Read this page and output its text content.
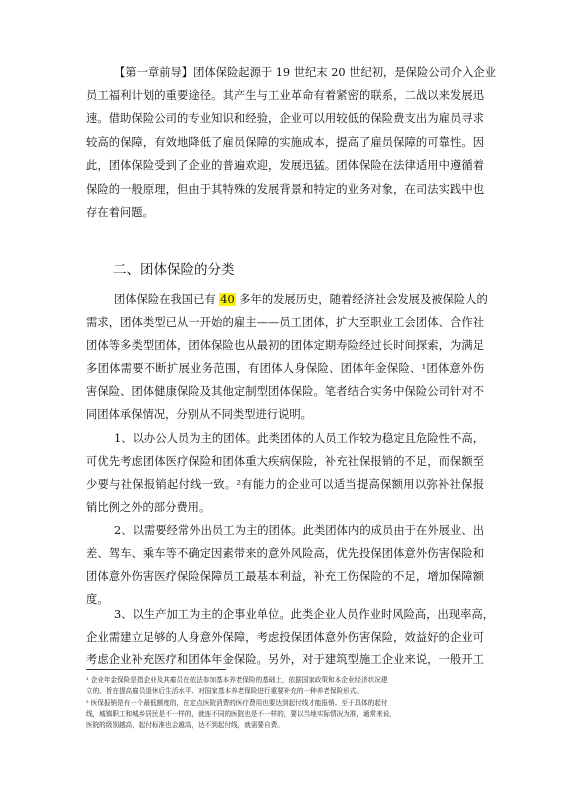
【第一章前导】团体保险起源于 19 世纪末 20 世纪初，是保险公司介入企业
员工福利计划的重要途径。其产生与工业革命有着紧密的联系，二战以来发展迅
速。借助保险公司的专业知识和经验，企业可以用较低的保险费支出为雇员寻求
较高的保障，有效地降低了雇员保障的实施成本，提高了雇员保障的可靠性。因
此，团体保险受到了企业的普遍欢迎，发展迅猛。团体保险在法律适用中遵循着
保险的一般原理，但由于其特殊的发展背景和特定的业务对象，在司法实践中也
存在着问题。
二、团体保险的分类
团体保险在我国已有 40 多年的发展历史，随着经济社会发展及被保险人的
需求，团体类型已从一开始的雇主——员工团体，扩大至职业工会团体、合作社
团体等多类型团体，团体保险也从最初的团体定期寿险经过长时间探索，为满足
多团体需要不断扩展业务范围，有团体人身保险、团体年金保险、¹团体意外伤
害保险、团体健康保险及其他定制型团体保险。笔者结合实务中保险公司针对不
同团体承保情况，分别从不同类型进行说明。
1、以办公人员为主的团体。此类团体的人员工作较为稳定且危险性不高，
可优先考虑团体医疗保险和团体重大疾病保险，补充社保报销的不足，而保额至
少要与社保报销起付线一致。²有能力的企业可以适当提高保额用以弥补社保报
销比例之外的部分费用。
2、以需要经常外出员工为主的团体。此类团体内的成员由于在外展业、出
差、驾车、乘车等不确定因素带来的意外风险高，优先投保团体意外伤害保险和
团体意外伤害医疗保险保障员工最基本利益，补充工伤保险的不足，增加保障额
度。
3、以生产加工为主的企事业单位。此类企业人员作业时风险高，出现率高，
企业需建立足够的人身意外保障，考虑投保团体意外伤害保险，效益好的企业可
考虑企业补充医疗和团体年金保险。另外，对于建筑型施工企业来说，一般开工
¹ 企业年金保险是指企业及其雇员在依法参加基本养老保险的基础上，依据国家政策和本企业经济状况建
立的、旨在提高雇员退休后生活水平、对国家基本养老保险进行重要补充的一种养老保险形式。
² 医保报销是有一个最低额度的，在定点医院消费的医疗费用也要达到起付线才能报销。至于具体的起付
线，城镇职工和城乡居民是不一样的，就连不同的医院也是不一样的，要以当地实际情况为准，通常来说，
医院的级别越高，起付标准也会越高，达不到起付线，就需要自费。
